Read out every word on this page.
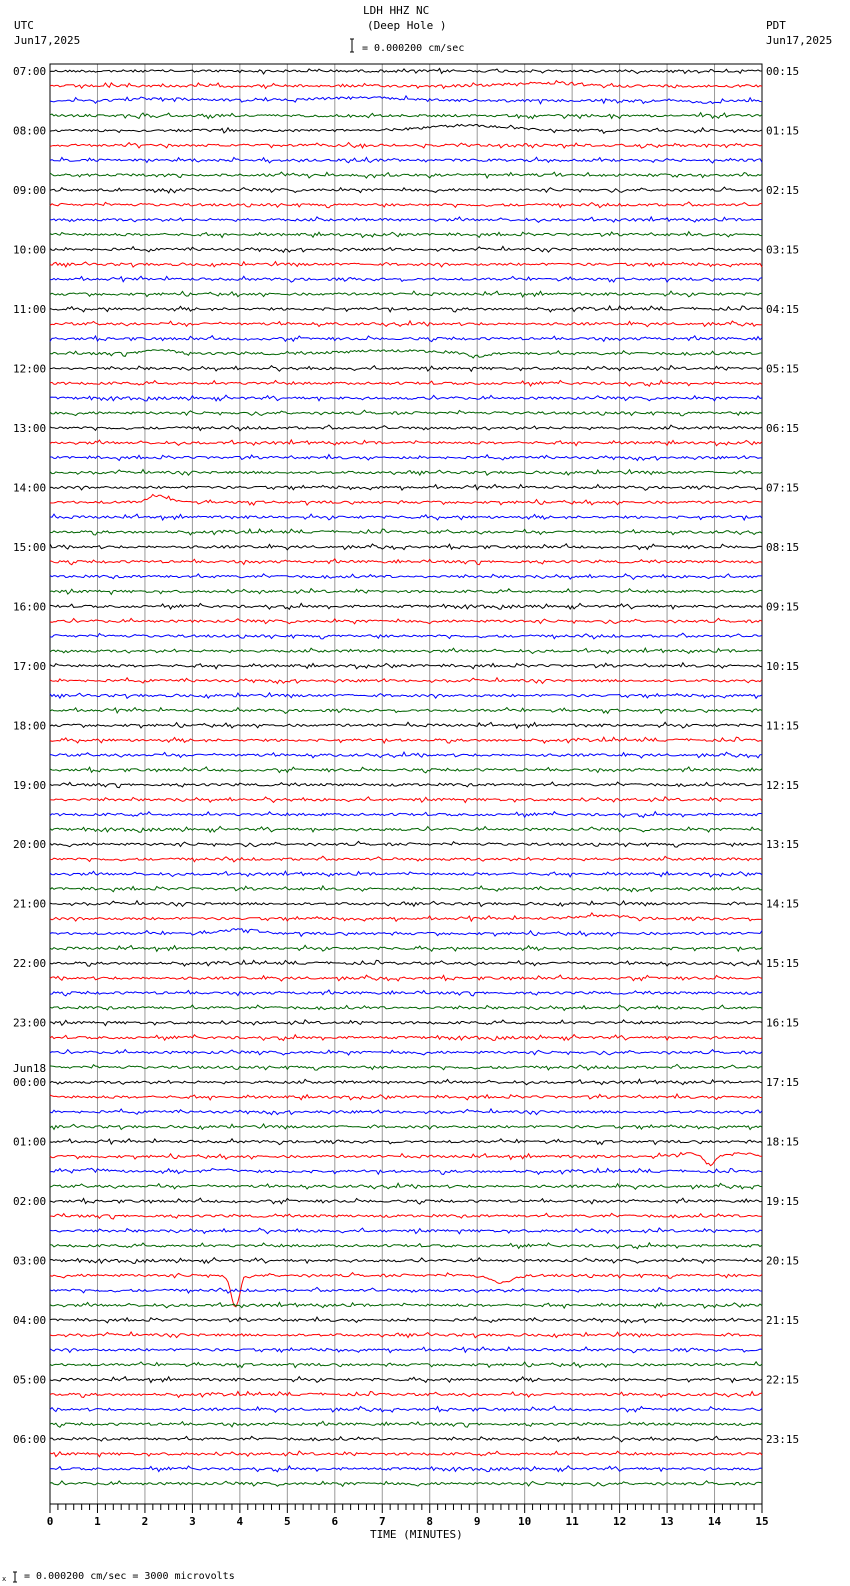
LDH HHZ NC
(Deep Hole )
UTC
Jun17,2025
PDT
Jun17,2025
= 0.000200 cm/sec
TIME (MINUTES)
x = 0.000200 cm/sec = 3000 microvolts
0	1	2	3	4	5	6	7	8	9	10	11	12	13	14	15
07:00
08:00
09:00
10:00
11:00
12:00
13:00
14:00
15:00
16:00
17:00
18:00
19:00
20:00
21:00
22:00
23:00
00:00
01:00
02:00
03:00
04:00
05:00
06:00
00:15
01:15
02:15
03:15
04:15
05:15
06:15
07:15
08:15
09:15
10:15
11:15
12:15
13:15
14:15
15:15
16:15
17:15
18:15
19:15
20:15
21:15
22:15
23:15
Jun18
